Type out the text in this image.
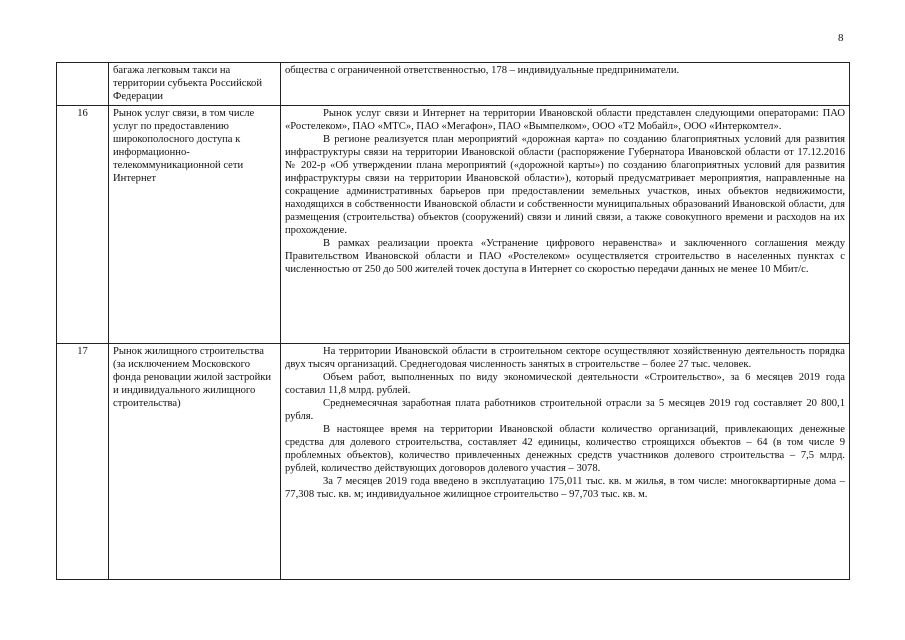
8
	багажа легковым такси на территории субъекта Российской Федерации	общества с ограниченной ответственностью, 178 – индивидуальные предприниматели.

16	Рынок услуг связи, в том числе услуг по предоставлению широкополосного доступа к информационно-телекоммуникационной сети Интернет	Рынок услуг связи и Интернет на территории Ивановской области представлен следующими операторами: ПАО «Ростелеком», ПАО «МТС», ПАО «Мегафон», ПАО «Вымпелком», ООО «Т2 Мобайл», ООО «Интеркомтел».

В регионе реализуется план мероприятий «дорожная карта» по созданию благоприятных условий для развития инфраструктуры связи на территории Ивановской области (распоряжение Губернатора Ивановской области от 17.12.2016 № 202-р «Об утверждении плана мероприятий («дорожной карты») по созданию благоприятных условий для развития инфраструктуры связи на территории Ивановской области»), который предусматривает мероприятия, направленные на сокращение административных барьеров при предоставлении земельных участков, иных объектов недвижимости, находящихся в собственности Ивановской области и собственности муниципальных образований Ивановской области, для размещения (строительства) объектов (сооружений) связи и линий связи, а также совокупного времени и расходов на их прохождение.

В рамках реализации проекта «Устранение цифрового неравенства» и заключенного соглашения между Правительством Ивановской области и ПАО «Ростелеком» осуществляется строительство в населенных пунктах с численностью от 250 до 500 жителей точек доступа в Интернет со скоростью передачи данных не менее 10 Мбит/с.

17	Рынок жилищного строительства (за исключением Московского фонда реновации жилой застройки и индивидуального жилищного строительства)	На территории Ивановской области в строительном секторе осуществляют хозяйственную деятельность порядка двух тысяч организаций. Среднегодовая численность занятых в строительстве – более 27 тыс. человек.

Объем работ, выполненных по виду экономической деятельности «Строительство», за 6 месяцев 2019 года составил 11,8 млрд. рублей.

Среднемесячная заработная плата работников строительной отрасли за 5 месяцев 2019 год составляет 20 800,1 рубля.

В настоящее время на территории Ивановской области количество организаций, привлекающих денежные средства для долевого строительства, составляет 42 единицы, количество строящихся объектов – 64 (в том числе 9 проблемных объектов), количество привлеченных денежных средств участников долевого строительства – 7,5 млрд. рублей, количество действующих договоров долевого участия – 3078.

За 7 месяцев 2019 года введено в эксплуатацию 175,011 тыс. кв. м жилья, в том числе: многоквартирные дома – 77,308 тыс. кв. м; индивидуальное жилищное строительство – 97,703 тыс. кв. м.
